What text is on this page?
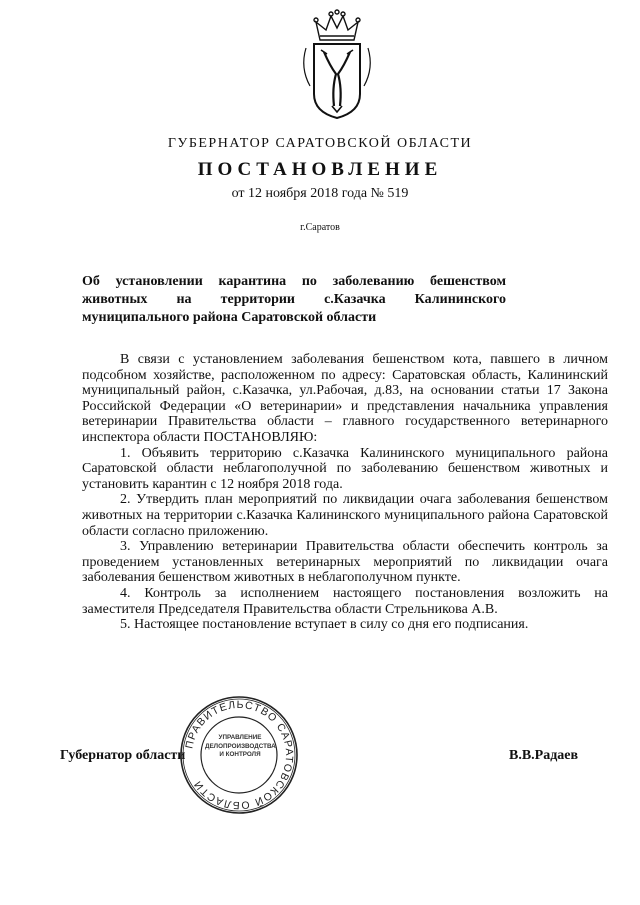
ГУБЕРНАТОР САРАТОВСКОЙ ОБЛАСТИ
ПОСТАНОВЛЕНИЕ
от 12 ноября 2018 года № 519
г.Саратов
Об установлении карантина по заболеванию бешенством животных на территории с.Казачка Калининского муниципального района Саратовской области

В связи с установлением заболевания бешенством кота, павшего в личном подсобном хозяйстве, расположенном по адресу: Саратовская область, Калининский муниципальный район, с.Казачка, ул.Рабочая, д.83, на основании статьи 17 Закона Российской Федерации «О ветеринарии» и представления начальника управления ветеринарии Правительства области – главного государственного ветеринарного инспектора области ПОСТАНОВЛЯЮ:

1. Объявить территорию с.Казачка Калининского муниципального района Саратовской области неблагополучной по заболеванию бешенством животных и установить карантин с 12 ноября 2018 года.

2. Утвердить план мероприятий по ликвидации очага заболевания бешенством животных на территории с.Казачка Калининского муниципального района Саратовской области согласно приложению.

3. Управлению ветеринарии Правительства области обеспечить контроль за проведением установленных ветеринарных мероприятий по ликвидации очага заболевания бешенством животных в неблагополучном пункте.

4. Контроль за исполнением настоящего постановления возложить на заместителя Председателя Правительства области Стрельникова А.В.

5. Настоящее постановление вступает в силу со дня его подписания.

Губернатор области	В.В.Радаев
ПРАВИТЕЛЬСТВО САРАТОВСКОЙ ОБЛАСТИ
УПРАВЛЕНИЕ
ДЕЛОПРОИЗВОДСТВА
И КОНТРОЛЯ
